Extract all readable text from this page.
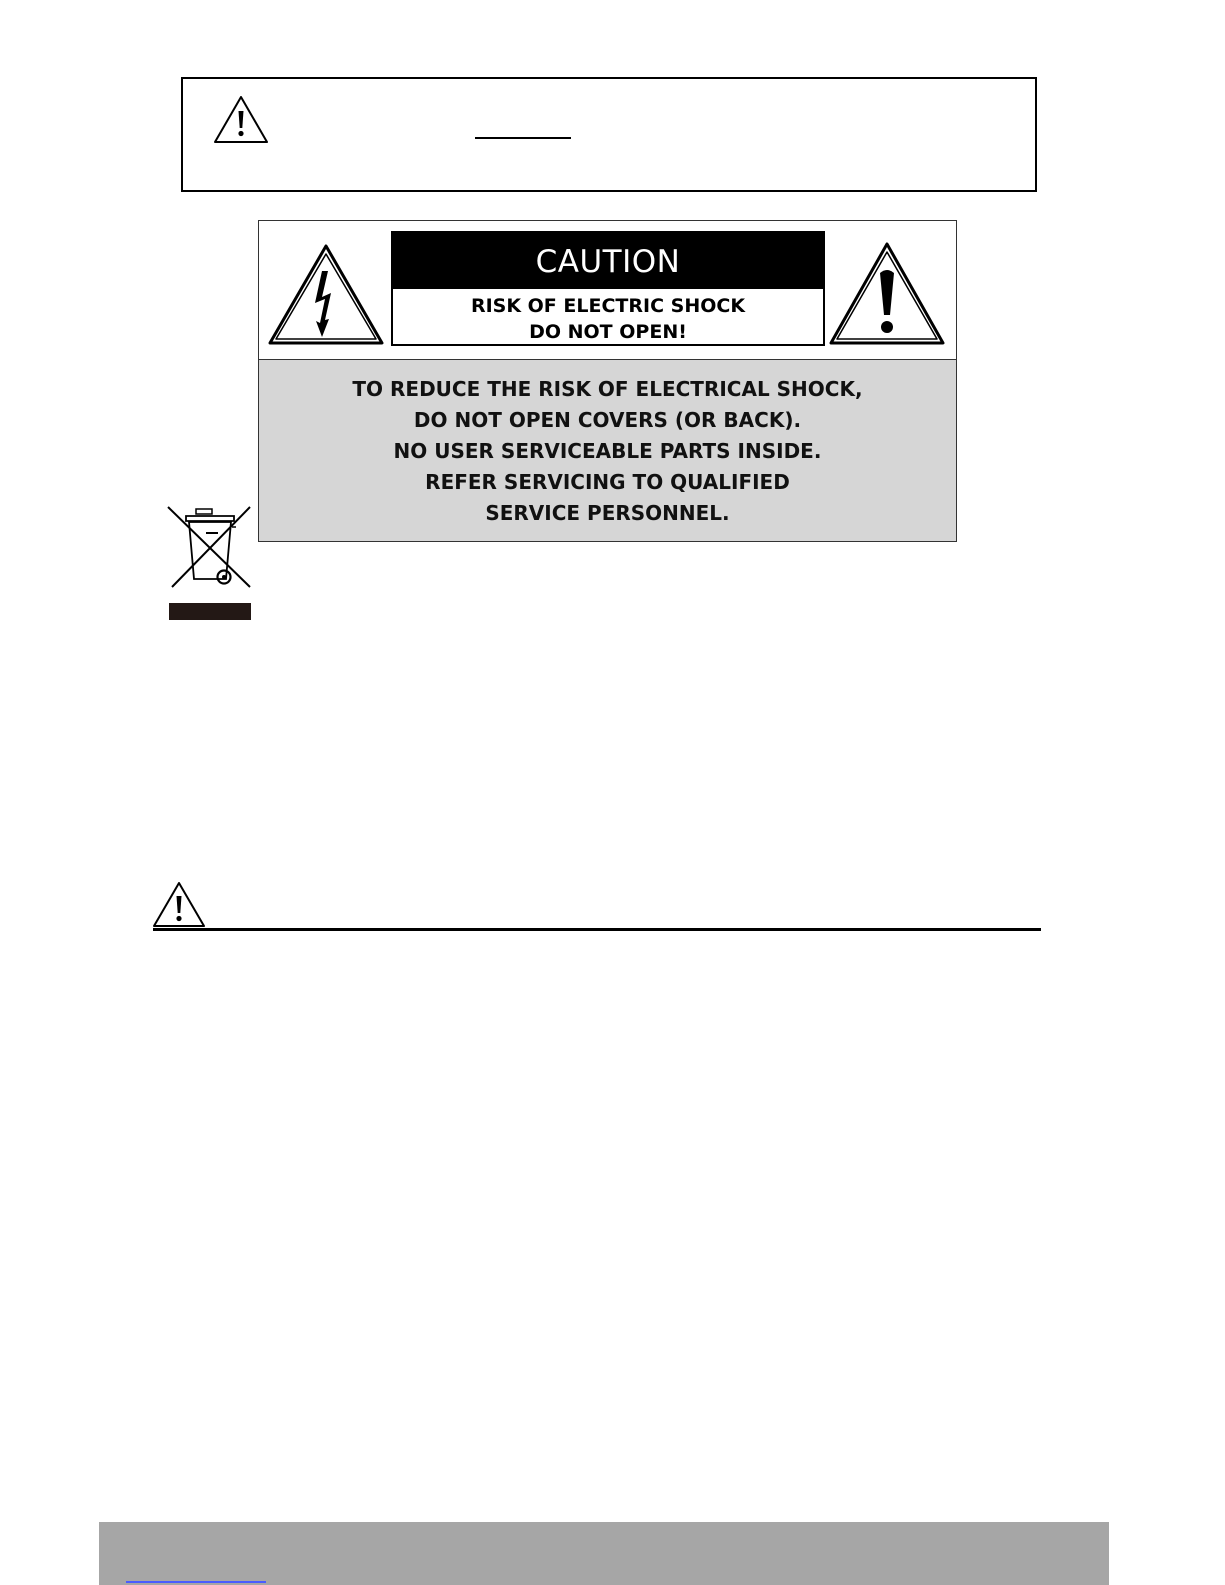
CAUTION
RISK OF ELECTRIC SHOCK
DO NOT OPEN!
TO REDUCE THE RISK OF ELECTRICAL SHOCK,
DO NOT OPEN COVERS (OR BACK).
NO USER SERVICEABLE PARTS INSIDE.
REFER SERVICING TO QUALIFIED
SERVICE PERSONNEL.
